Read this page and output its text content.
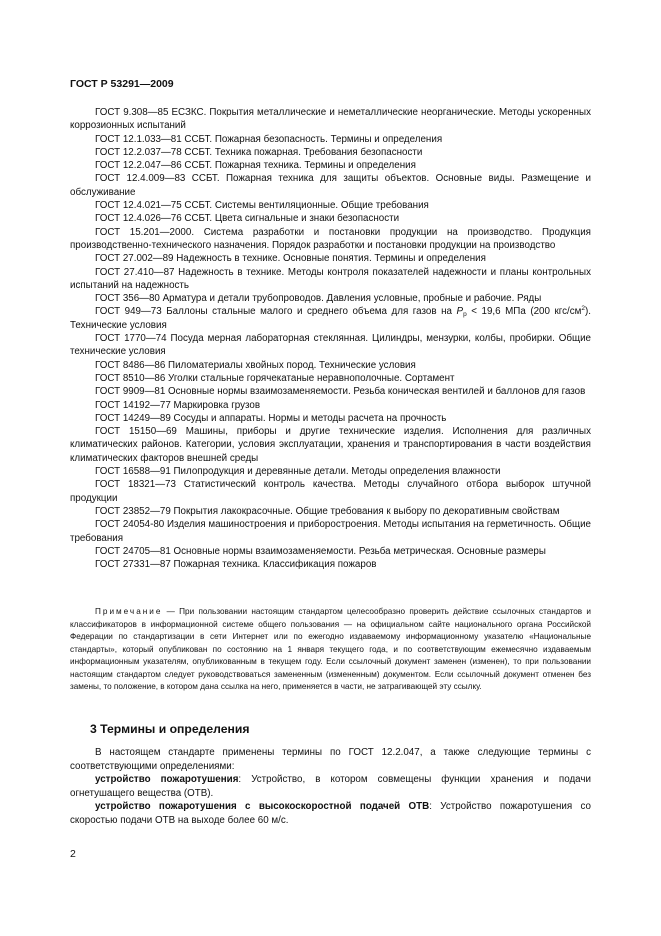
ГОСТ Р 53291—2009

ГОСТ 9.308—85 ЕСЗКС. Покрытия металлические и неметаллические неорганические. Методы ускоренных коррозионных испытаний

ГОСТ 12.1.033—81 ССБТ. Пожарная безопасность. Термины и определения

ГОСТ 12.2.037—78 ССБТ. Техника пожарная. Требования безопасности

ГОСТ 12.2.047—86 ССБТ. Пожарная техника. Термины и определения

ГОСТ 12.4.009—83 ССБТ. Пожарная техника для защиты объектов. Основные виды. Размещение и обслуживание

ГОСТ 12.4.021—75 ССБТ. Системы вентиляционные. Общие требования

ГОСТ 12.4.026—76 ССБТ. Цвета сигнальные и знаки безопасности

ГОСТ 15.201—2000. Система разработки и постановки продукции на производство. Продукция производственно-технического назначения. Порядок разработки и постановки продукции на производство

ГОСТ 27.002—89 Надежность в технике. Основные понятия. Термины и определения

ГОСТ 27.410—87 Надежность в технике. Методы контроля показателей надежности и планы контрольных испытаний на надежность

ГОСТ 356—80 Арматура и детали трубопроводов. Давления условные, пробные и рабочие. Ряды

ГОСТ 949—73 Баллоны стальные малого и среднего объема для газов на $P_p < 19,6$ МПа (200 кгс/$см^2$). Технические условия

ГОСТ 1770—74 Посуда мерная лабораторная стеклянная. Цилиндры, мензурки, колбы, пробирки. Общие технические условия

ГОСТ 8486—86 Пиломатериалы хвойных пород. Технические условия

ГОСТ 8510—86 Уголки стальные горячекатаные неравнополочные. Сортамент

ГОСТ 9909—81 Основные нормы взаимозаменяемости. Резьба коническая вентилей и баллонов для газов

ГОСТ 14192—77 Маркировка грузов

ГОСТ 14249—89 Сосуды и аппараты. Нормы и методы расчета на прочность

ГОСТ 15150—69 Машины, приборы и другие технические изделия. Исполнения для различных климатических районов. Категории, условия эксплуатации, хранения и транспортирования в части воздействия климатических факторов внешней среды

ГОСТ 16588—91 Пилопродукция и деревянные детали. Методы определения влажности

ГОСТ 18321—73 Статистический контроль качества. Методы случайного отбора выборок штучной продукции

ГОСТ 23852—79 Покрытия лакокрасочные. Общие требования к выбору по декоративным свойствам

ГОСТ 24054-80 Изделия машиностроения и приборостроения. Методы испытания на герметичность. Общие требования

ГОСТ 24705—81 Основные нормы взаимозаменяемости. Резьба метрическая. Основные размеры

ГОСТ 27331—87 Пожарная техника. Классификация пожаров

Примечание — При пользовании настоящим стандартом целесообразно проверить действие ссылочных стандартов и классификаторов в информационной системе общего пользования — на официальном сайте национального органа Российской Федерации по стандартизации в сети Интернет или по ежегодно издаваемому информационному указателю «Национальные стандарты», который опубликован по состоянию на 1 января текущего года, и по соответствующим ежемесячно издаваемым информационным указателям, опубликованным в текущем году. Если ссылочный документ заменен (изменен), то при пользовании настоящим стандартом следует руководствоваться замененным (измененным) документом. Если ссылочный документ отменен без замены, то положение, в котором дана ссылка на него, применяется в части, не затрагивающей эту ссылку.

3 Термины и определения

В настоящем стандарте применены термины по ГОСТ 12.2.047, а также следующие термины с соответствующими определениями:

устройство пожаротушения: Устройство, в котором совмещены функции хранения и подачи огнетушащего вещества (ОТВ).

устройство пожаротушения с высокоскоростной подачей ОТВ: Устройство пожаротушения со скоростью подачи ОТВ на выходе более 60 м/с.

2
